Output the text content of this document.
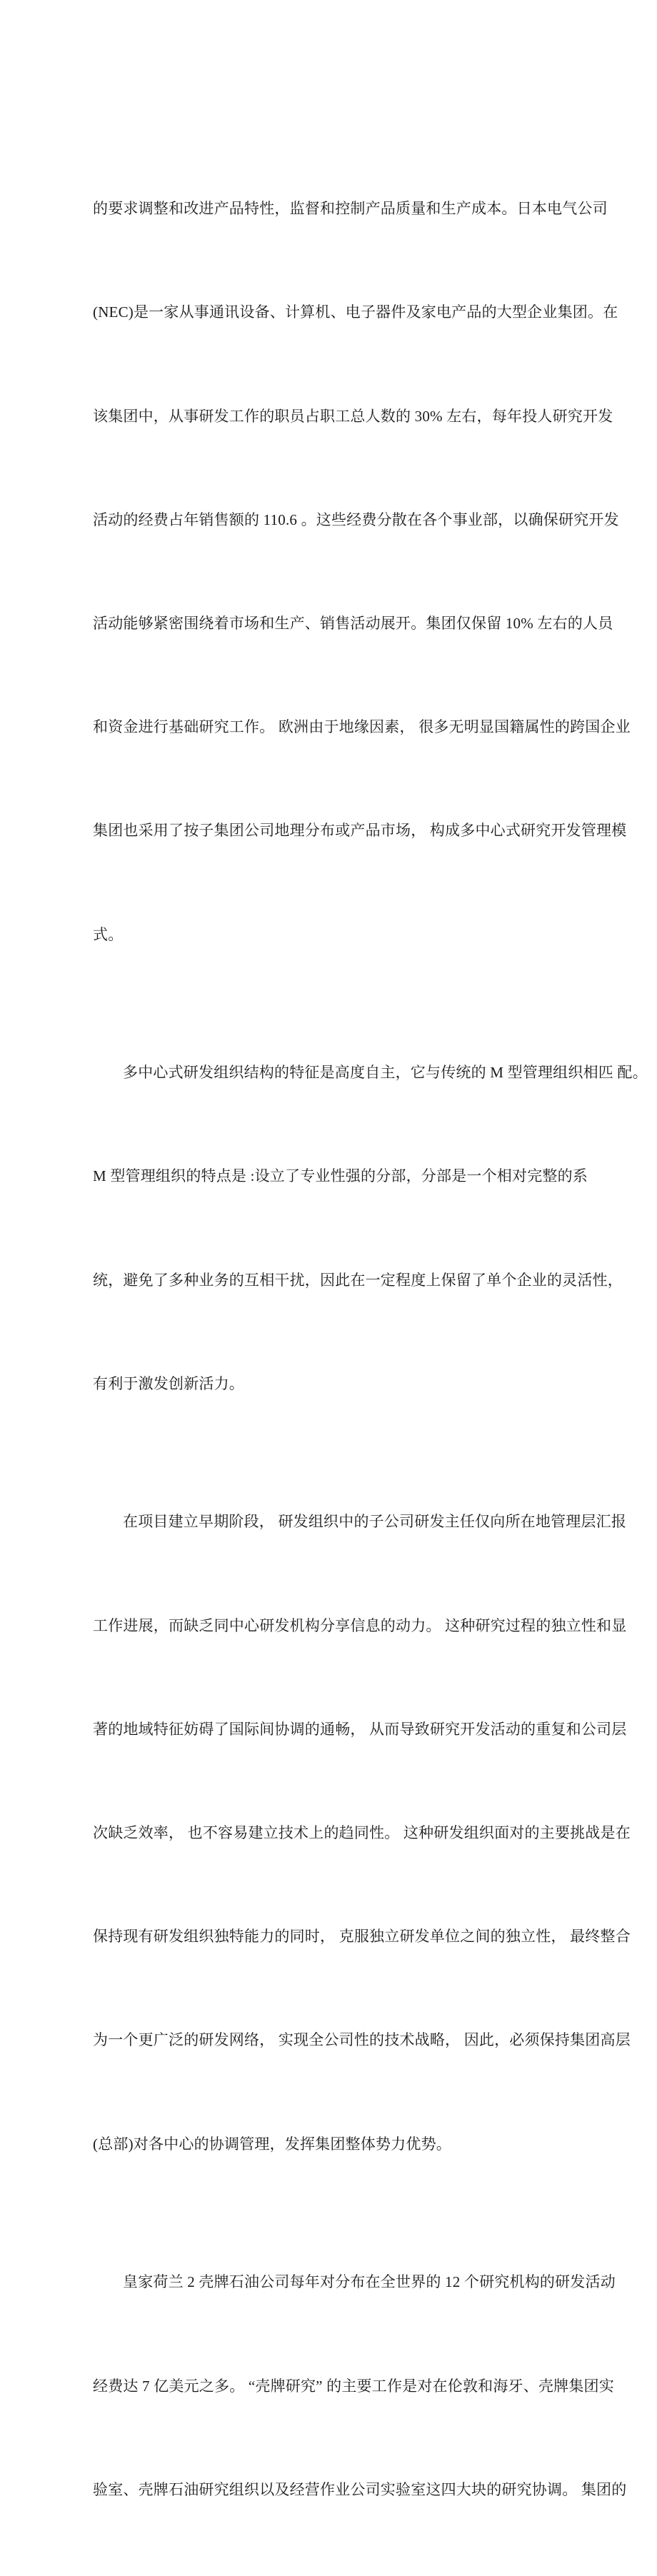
的要求调整和改进产品特性，监督和控制产品质量和生产成本。日本电气公司

(NEC)是一家从事通讯设备、计算机、电子器件及家电产品的大型企业集团。在

该集团中，从事研发工作的职员占职工总人数的 30% 左右，每年投人研究开发

活动的经费占年销售额的 110.6 。这些经费分散在各个事业部，以确保研究开发

活动能够紧密围绕着市场和生产、销售活动展开。集团仅保留 10% 左右的人员

和资金进行基础研究工作。 欧洲由于地缘因素， 很多无明显国籍属性的跨国企业

集团也采用了按子集团公司地理分布或产品市场， 构成多中心式研究开发管理模

式。

多中心式研发组织结构的特征是高度自主，它与传统的 M 型管理组织相匹 配。

M 型管理组织的特点是 :设立了专业性强的分部，分部是一个相对完整的系

统，避免了多种业务的互相干扰，因此在一定程度上保留了单个企业的灵活性，

有利于激发创新活力。

在项目建立早期阶段， 研发组织中的子公司研发主任仅向所在地管理层汇报

工作进展，而缺乏同中心研发机构分享信息的动力。 这种研究过程的独立性和显

著的地域特征妨碍了国际间协调的通畅， 从而导致研究开发活动的重复和公司层

次缺乏效率， 也不容易建立技术上的趋同性。 这种研发组织面对的主要挑战是在

保持现有研发组织独特能力的同时， 克服独立研发单位之间的独立性， 最终整合

为一个更广泛的研发网络， 实现全公司性的技术战略， 因此，必须保持集团高层

(总部)对各中心的协调管理，发挥集团整体势力优势。

皇家荷兰 2 壳牌石油公司每年对分布在全世界的 12 个研究机构的研发活动

经费达 7 亿美元之多。 “壳牌研究” 的主要工作是对在伦敦和海牙、壳牌集团实

验室、壳牌石油研究组织以及经营作业公司实验室这四大块的研究协调。 集团的
